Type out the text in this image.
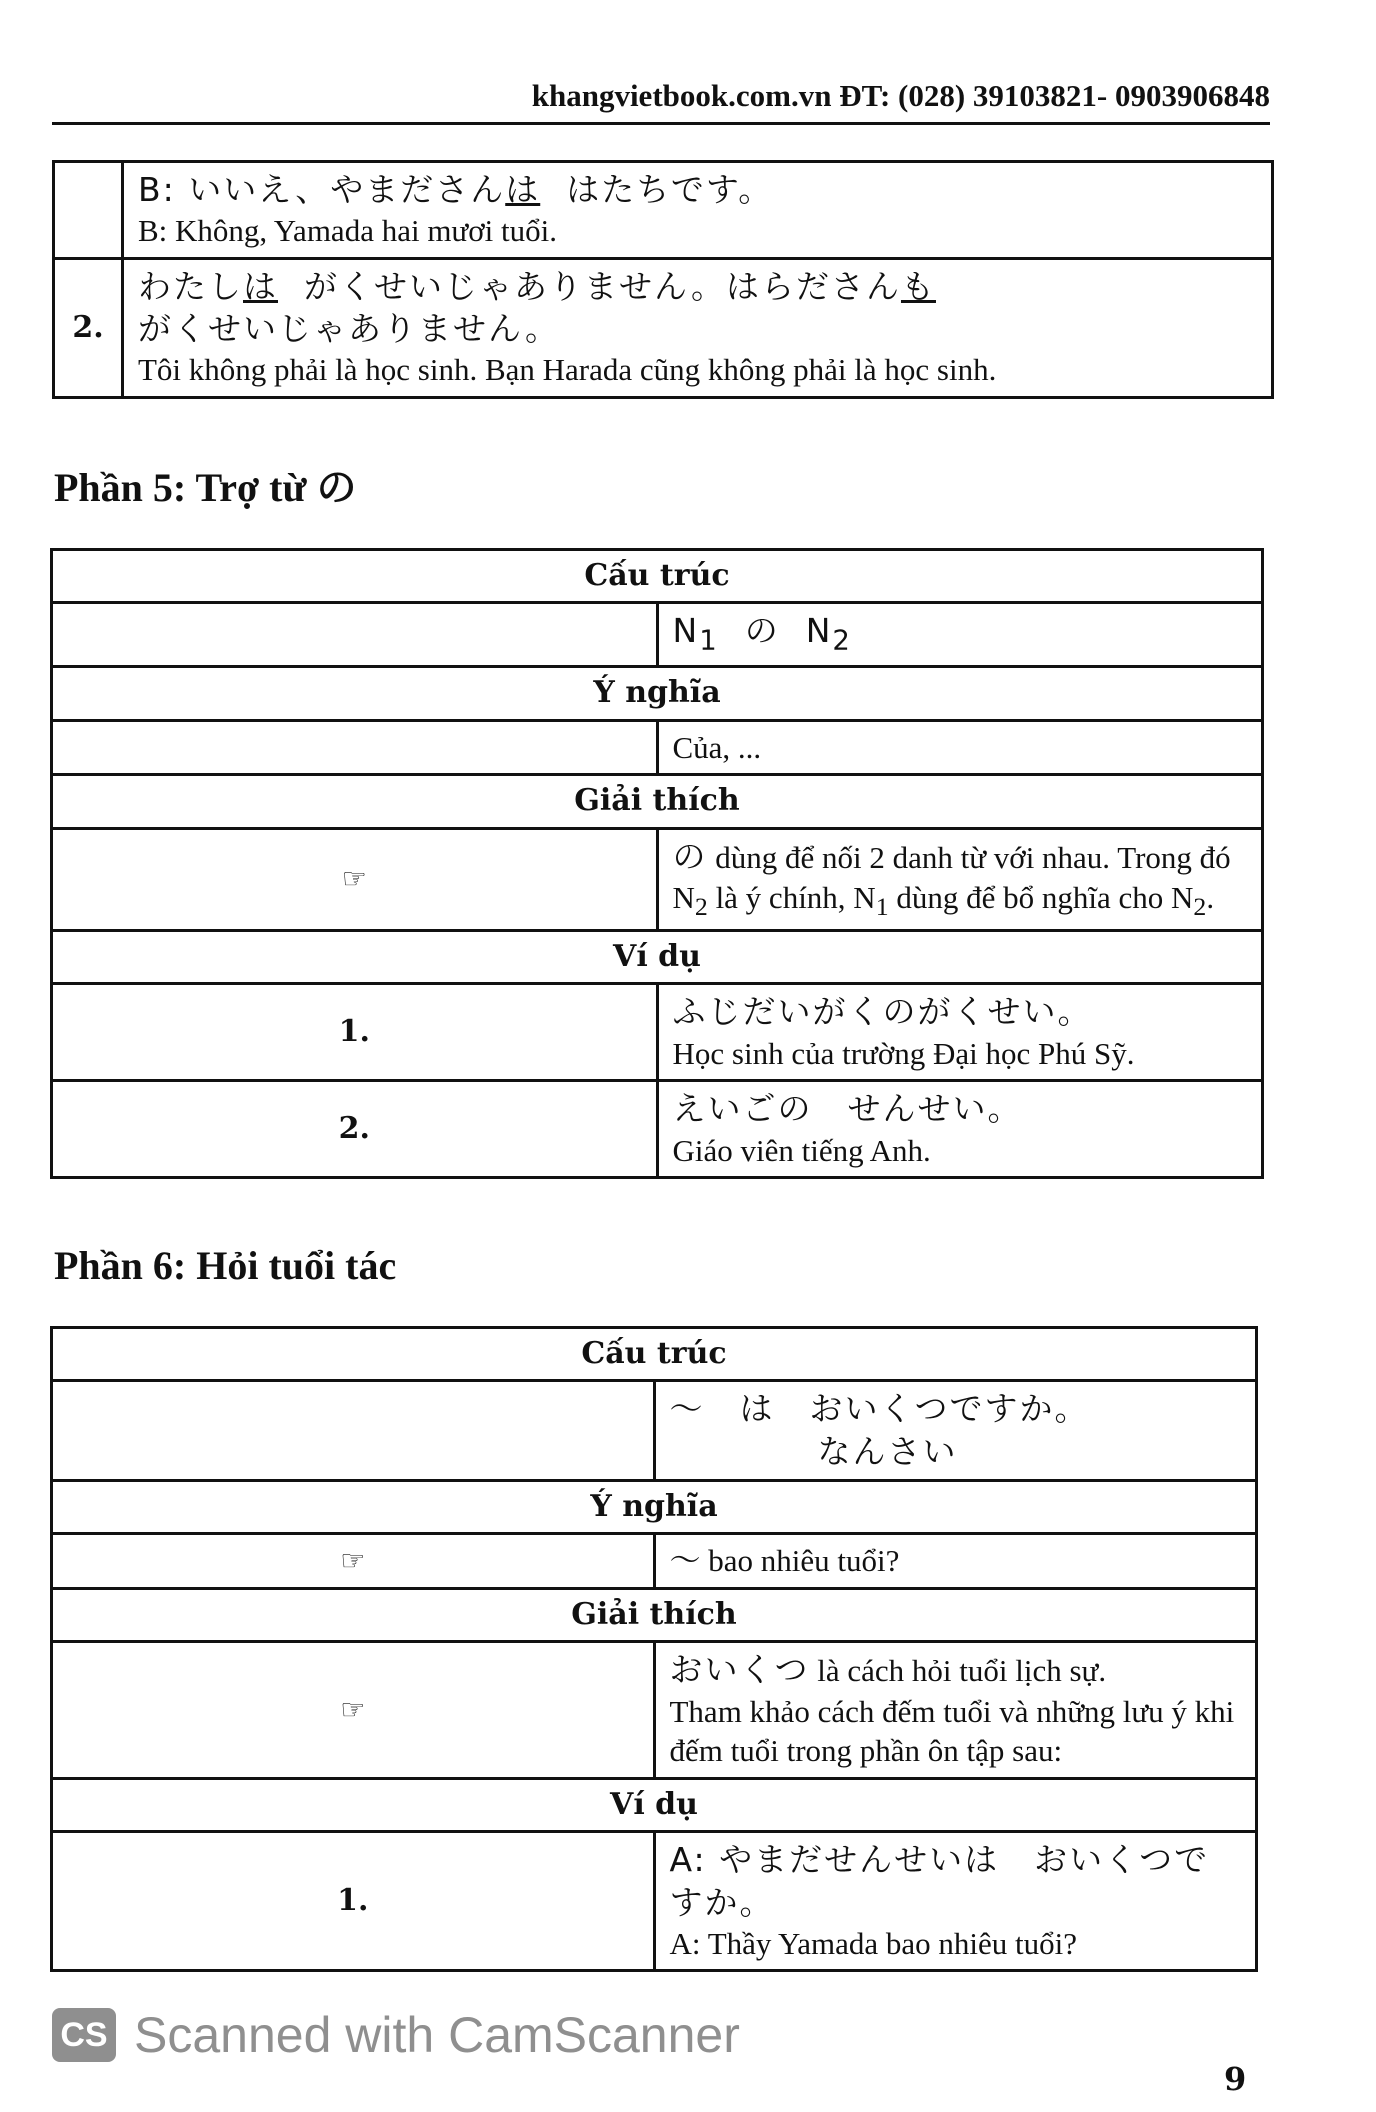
khangvietbook.com.vn ĐT: (028) 39103821- 0903906848

	B: いいえ、やまださんは はたちです。
B: Không, Yamada hai mươi tuổi.

2.	わたしは がくせいじゃありません。はらださんも
がくせいじゃありません。
Tôi không phải là học sinh. Bạn Harada cũng không phải là học sinh.
Phần 5: Trợ từ の
Cấu trúc	

	$N_1$ の $N_2$

Ý nghĩa	

	Của, ...

Giải thích	
☞	の dùng để nối 2 danh từ với nhau. Trong đó $N_2$ là ý chính, $N_1$ dùng để bổ nghĩa cho $N_2$.

Ví dụ	
1.	ふじだいがくのがくせい。
Học sinh của trường Đại học Phú Sỹ.

2.	えいごの　せんせい。
Giáo viên tiếng Anh.
Phần 6: Hỏi tuổi tác
Cấu trúc	

	～　は　おいくつですか。
なんさい

Ý nghĩa	
☞	～ bao nhiêu tuổi?

Giải thích	
☞	おいくつ là cách hỏi tuổi lịch sự.
Tham khảo cách đếm tuổi và những lưu ý khi đếm tuổi trong phần ôn tập sau:

Ví dụ	
1.	A: やまだせんせいは　おいくつですか。
A: Thầy Yamada bao nhiêu tuổi?
CS Scanned with CamScanner
9
